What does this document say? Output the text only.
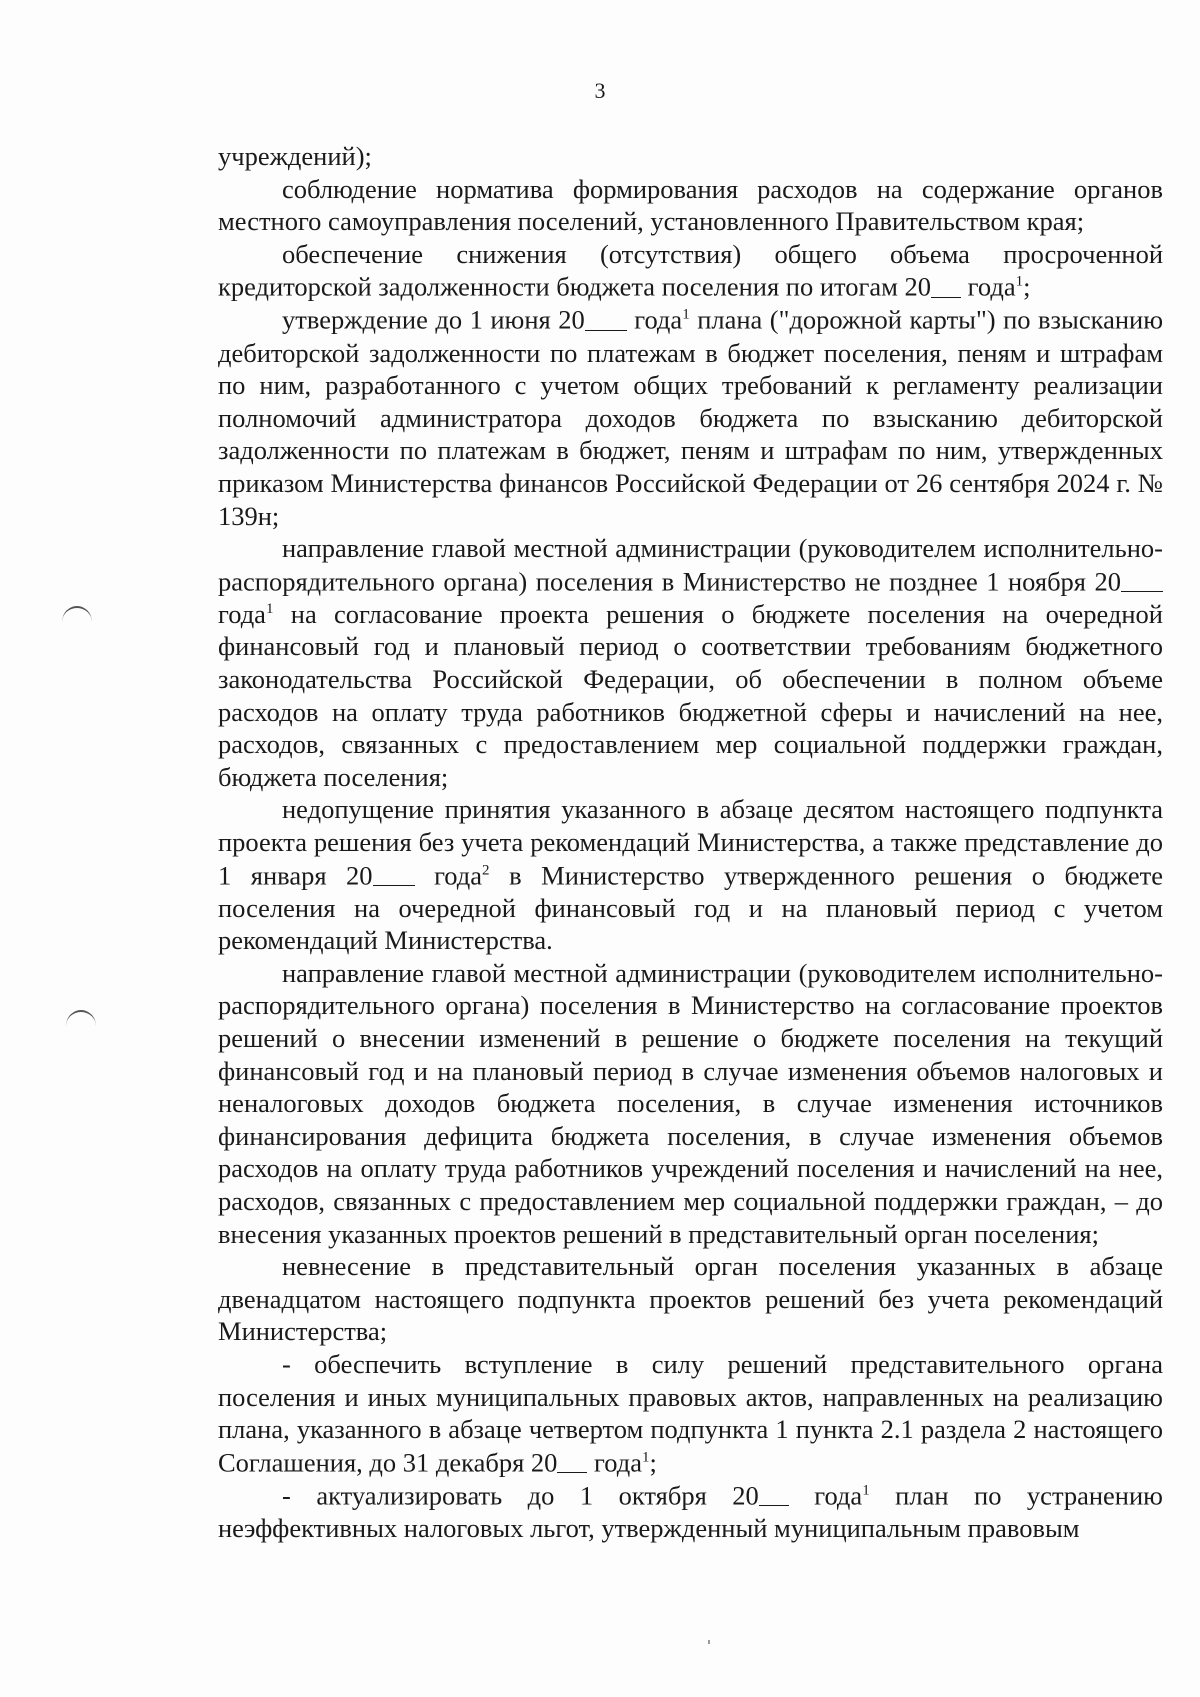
3

учреждений);

соблюдение норматива формирования расходов на содержание органов местного самоуправления поселений, установленного Правительством края;

обеспечение снижения (отсутствия) общего объема просроченной кредиторской задолженности бюджета поселения по итогам 20 года$^1$;

утверждение до 1 июня 20 года$^1$ плана ("дорожной карты") по взысканию дебиторской задолженности по платежам в бюджет поселения, пеням и штрафам по ним, разработанного с учетом общих требований к регламенту реализации полномочий администратора доходов бюджета по взысканию дебиторской задолженности по платежам в бюджет, пеням и штрафам по ним, утвержденных приказом Министерства финансов Российской Федерации от 26 сентября 2024 г. № 139н;

направление главой местной администрации (руководителем исполнительно-распорядительного органа) поселения в Министерство не позднее 1 ноября 20 года$^1$ на согласование проекта решения о бюджете поселения на очередной финансовый год и плановый период о соответствии требованиям бюджетного законодательства Российской Федерации, об обеспечении в полном объеме расходов на оплату труда работников бюджетной сферы и начислений на нее, расходов, связанных с предоставлением мер социальной поддержки граждан, бюджета поселения;

недопущение принятия указанного в абзаце десятом настоящего подпункта проекта решения без учета рекомендаций Министерства, а также представление до 1 января 20 года$^2$ в Министерство утвержденного решения о бюджете поселения на очередной финансовый год и на плановый период с учетом рекомендаций Министерства.

направление главой местной администрации (руководителем исполнительно-распорядительного органа) поселения в Министерство на согласование проектов решений о внесении изменений в решение о бюджете поселения на текущий финансовый год и на плановый период в случае изменения объемов налоговых и неналоговых доходов бюджета поселения, в случае изменения источников финансирования дефицита бюджета поселения, в случае изменения объемов расходов на оплату труда работников учреждений поселения и начислений на нее, расходов, связанных с предоставлением мер социальной поддержки граждан, – до внесения указанных проектов решений в представительный орган поселения;

невнесение в представительный орган поселения указанных в абзаце двенадцатом настоящего подпункта проектов решений без учета рекомендаций Министерства;

- обеспечить вступление в силу решений представительного органа поселения и иных муниципальных правовых актов, направленных на реализацию плана, указанного в абзаце четвертом подпункта 1 пункта 2.1 раздела 2 настоящего Соглашения, до 31 декабря 20 года$^1$;

- актуализировать до 1 октября 20 года$^1$ план по устранению неэффективных налоговых льгот, утвержденный муниципальным правовым
